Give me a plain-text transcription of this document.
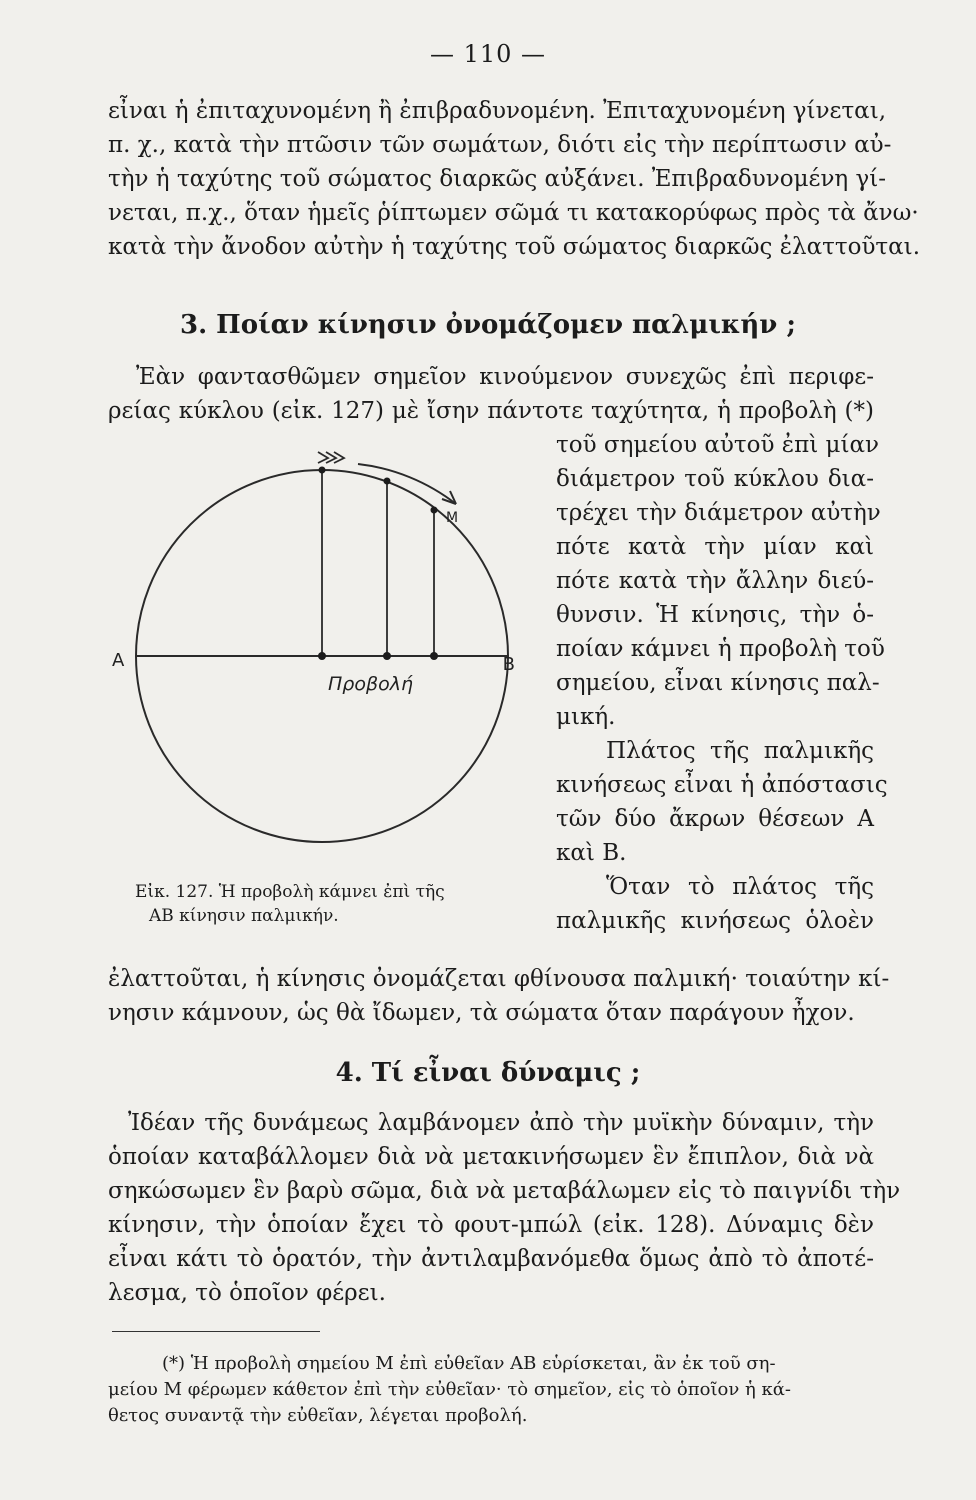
— 110 —
εἶναι ἡ ἐπιταχυνομένη ἢ ἐπιβραδυνομένη. Ἐπιταχυνομένη γίνεται,
π. χ., κατὰ τὴν πτῶσιν τῶν σωμάτων, διότι εἰς τὴν περίπτωσιν αὐ-
τὴν ἡ ταχύτης τοῦ σώματος διαρκῶς αὐξάνει. Ἐπιβραδυνομένη γί-
νεται, π.χ., ὅταν ἡμεῖς ῥίπτωμεν σῶμά τι κατακορύφως πρὸς τὰ ἄνω·
κατὰ τὴν ἄνοδον αὐτὴν ἡ ταχύτης τοῦ σώματος διαρκῶς ἐλαττοῦται.
3. Ποίαν κίνησιν ὀνομάζομεν παλμικήν ;
Ἐὰν φαντασθῶμεν σημεῖον κινούμενον συνεχῶς ἐπὶ περιφε-
ρείας κύκλου (εἰκ. 127) μὲ ἴσην πάντοτε ταχύτητα, ἡ προβολὴ (*)
τοῦ σημείου αὐτοῦ ἐπὶ μίαν
διάμετρον τοῦ κύκλου δια-
τρέχει τὴν διάμετρον αὐτὴν
πότε κατὰ τὴν μίαν καὶ
πότε κατὰ τὴν ἄλλην διεύ-
θυνσιν. Ἡ κίνησις, τὴν ὁ-
ποίαν κάμνει ἡ προβολὴ τοῦ
σημείου, εἶναι κίνησις παλ-
μική.
Πλάτος τῆς παλμικῆς
κινήσεως εἶναι ἡ ἀπόστασις
τῶν δύο ἄκρων θέσεων Α
καὶ Β.
Ὅταν τὸ πλάτος τῆς
παλμικῆς κινήσεως ὁλοὲν
Α	Β
Μ
Προβολή
Εἰκ. 127. Ἡ προβολὴ κάμνει ἐπὶ τῆς
ΑΒ κίνησιν παλμικήν.
ἐλαττοῦται, ἡ κίνησις ὀνομάζεται φθίνουσα παλμική· τοιαύτην κί-
νησιν κάμνουν, ὡς θὰ ἴδωμεν, τὰ σώματα ὅταν παράγουν ἦχον.
4. Τί εἶναι δύναμις ;
Ἰδέαν τῆς δυνάμεως λαμβάνομεν ἀπὸ τὴν μυϊκὴν δύναμιν, τὴν
ὁποίαν καταβάλλομεν διὰ νὰ μετακινήσωμεν ἓν ἔπιπλον, διὰ νὰ
σηκώσωμεν ἓν βαρὺ σῶμα, διὰ νὰ μεταβάλωμεν εἰς τὸ παιγνίδι τὴν
κίνησιν, τὴν ὁποίαν ἔχει τὸ φουτ-μπώλ (εἰκ. 128). Δύναμις δὲν
εἶναι κάτι τὸ ὁρατόν, τὴν ἀντιλαμβανόμεθα ὅμως ἀπὸ τὸ ἀποτέ-
λεσμα, τὸ ὁποῖον φέρει.
(*) Ἡ προβολὴ σημείου Μ ἐπὶ εὐθεῖαν ΑΒ εὑρίσκεται, ἂν ἐκ τοῦ ση-
μείου Μ φέρωμεν κάθετον ἐπὶ τὴν εὐθεῖαν· τὸ σημεῖον, εἰς τὸ ὁποῖον ἡ κά-
θετος συναντᾷ τὴν εὐθεῖαν, λέγεται προβολή.
